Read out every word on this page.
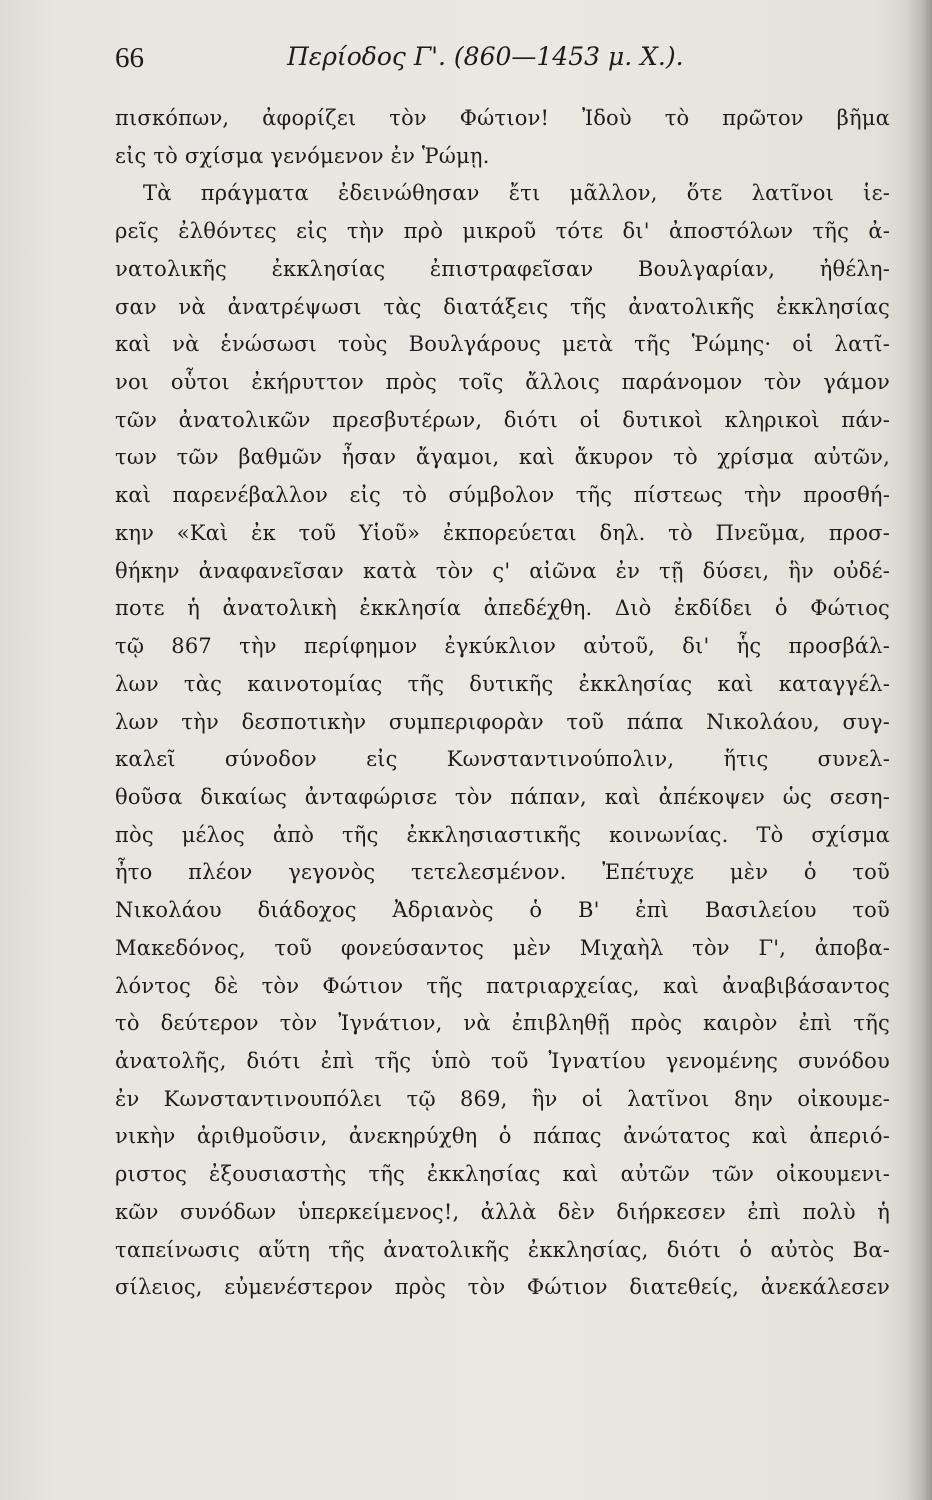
66	Περίοδος Γ'. (860—1453 μ. Χ.).
πισκόπων, ἀφορίζει τὸν Φώτιον! Ἰδοὺ τὸ πρῶτον βῆμα
εἰς τὸ σχίσμα γενόμενον ἐν Ῥώμῃ.
Τὰ πράγματα ἐδεινώθησαν ἔτι μᾶλλον, ὅτε λατῖνοι ἱε-
ρεῖς ἐλθόντες εἰς τὴν πρὸ μικροῦ τότε δι' ἀποστόλων τῆς ἀ-
νατολικῆς ἐκκλησίας ἐπιστραφεῖσαν Βουλγαρίαν, ἠθέλη-
σαν νὰ ἀνατρέψωσι τὰς διατάξεις τῆς ἀνατολικῆς ἐκκλησίας
καὶ νὰ ἑνώσωσι τοὺς Βουλγάρους μετὰ τῆς Ῥώμης· οἱ λατῖ-
νοι οὗτοι ἐκήρυττον πρὸς τοῖς ἄλλοις παράνομον τὸν γάμον
τῶν ἀνατολικῶν πρεσβυτέρων, διότι οἱ δυτικοὶ κληρικοὶ πάν-
των τῶν βαθμῶν ἦσαν ἄγαμοι, καὶ ἄκυρον τὸ χρίσμα αὐτῶν,
καὶ παρενέβαλλον εἰς τὸ σύμβολον τῆς πίστεως τὴν προσθή-
κην «Καὶ ἐκ τοῦ Υἱοῦ» ἐκπορεύεται δηλ. τὸ Πνεῦμα, προσ-
θήκην ἀναφανεῖσαν κατὰ τὸν ς' αἰῶνα ἐν τῇ δύσει, ἣν οὐδέ-
ποτε ἡ ἀνατολικὴ ἐκκλησία ἀπεδέχθη. Διὸ ἐκδίδει ὁ Φώτιος
τῷ 867 τὴν περίφημον ἐγκύκλιον αὐτοῦ, δι' ἧς προσβάλ-
λων τὰς καινοτομίας τῆς δυτικῆς ἐκκλησίας καὶ καταγγέλ-
λων τὴν δεσποτικὴν συμπεριφορὰν τοῦ πάπα Νικολάου, συγ-
καλεῖ σύνοδον εἰς Κωνσταντινούπολιν, ἥτις συνελ-
θοῦσα δικαίως ἀνταφώρισε τὸν πάπαν, καὶ ἀπέκοψεν ὡς σεση-
πὸς μέλος ἀπὸ τῆς ἐκκλησιαστικῆς κοινωνίας. Τὸ σχίσμα
ἦτο πλέον γεγονὸς τετελεσμένον. Ἐπέτυχε μὲν ὁ τοῦ
Νικολάου διάδοχος Ἀδριανὸς ὁ Β' ἐπὶ Βασιλείου τοῦ
Μακεδόνος, τοῦ φονεύσαντος μὲν Μιχαὴλ τὸν Γ', ἀποβα-
λόντος δὲ τὸν Φώτιον τῆς πατριαρχείας, καὶ ἀναβιβάσαντος
τὸ δεύτερον τὸν Ἰγνάτιον, νὰ ἐπιβληθῇ πρὸς καιρὸν ἐπὶ τῆς
ἀνατολῆς, διότι ἐπὶ τῆς ὑπὸ τοῦ Ἰγνατίου γενομένης συνόδου
ἐν Κωνσταντινουπόλει τῷ 869, ἣν οἱ λατῖνοι 8ην οἰκουμε-
νικὴν ἀριθμοῦσιν, ἀνεκηρύχθη ὁ πάπας ἀνώτατος καὶ ἀπεριό-
ριστος ἐξουσιαστὴς τῆς ἐκκλησίας καὶ αὐτῶν τῶν οἰκουμενι-
κῶν συνόδων ὑπερκείμενος!, ἀλλὰ δὲν διήρκεσεν ἐπὶ πολὺ ἡ
ταπείνωσις αὕτη τῆς ἀνατολικῆς ἐκκλησίας, διότι ὁ αὐτὸς Βα-
σίλειος, εὐμενέστερον πρὸς τὸν Φώτιον διατεθείς, ἀνεκάλεσεν
